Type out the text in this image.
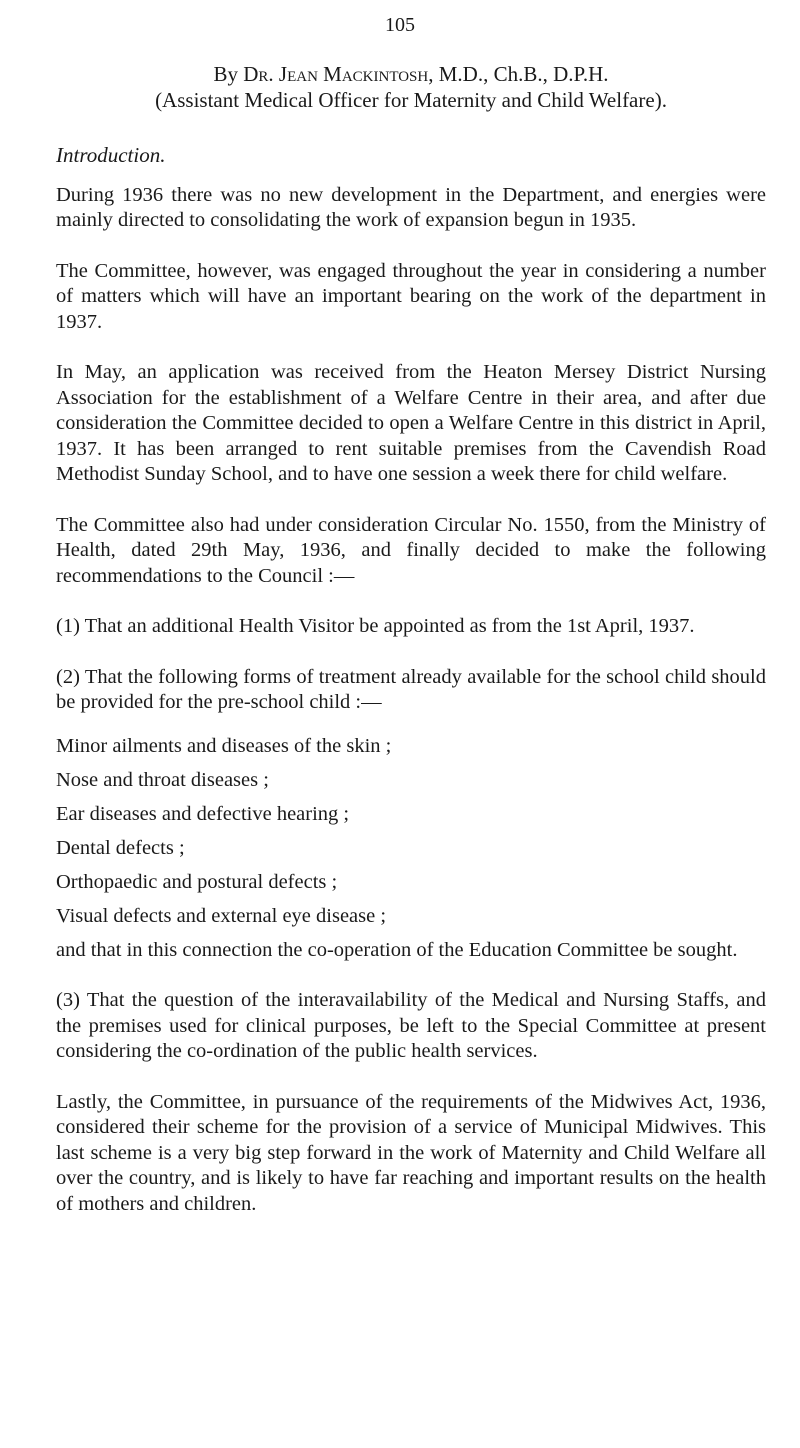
105

By Dr. Jean Mackintosh, M.D., Ch.B., D.P.H.

(Assistant Medical Officer for Maternity and Child Welfare).

Introduction.

During 1936 there was no new development in the Department, and energies were mainly directed to consolidating the work of expansion begun in 1935.

The Committee, however, was engaged throughout the year in considering a number of matters which will have an important bearing on the work of the department in 1937.

In May, an application was received from the Heaton Mersey District Nursing Association for the establishment of a Welfare Centre in their area, and after due consideration the Committee decided to open a Welfare Centre in this district in April, 1937. It has been arranged to rent suitable premises from the Cavendish Road Methodist Sunday School, and to have one session a week there for child welfare.

The Committee also had under consideration Circular No. 1550, from the Ministry of Health, dated 29th May, 1936, and finally decided to make the following recommendations to the Council :—

(1) That an additional Health Visitor be appointed as from the 1st April, 1937.

(2) That the following forms of treatment already available for the school child should be provided for the pre-school child :—

Minor ailments and diseases of the skin ;

Nose and throat diseases ;

Ear diseases and defective hearing ;

Dental defects ;

Orthopaedic and postural defects ;

Visual defects and external eye disease ;

and that in this connection the co-operation of the Education Committee be sought.

(3) That the question of the interavailability of the Medical and Nursing Staffs, and the premises used for clinical purposes, be left to the Special Committee at present considering the co-ordination of the public health services.

Lastly, the Committee, in pursuance of the requirements of the Midwives Act, 1936, considered their scheme for the provision of a service of Municipal Midwives. This last scheme is a very big step forward in the work of Maternity and Child Welfare all over the country, and is likely to have far reaching and important results on the health of mothers and children.
